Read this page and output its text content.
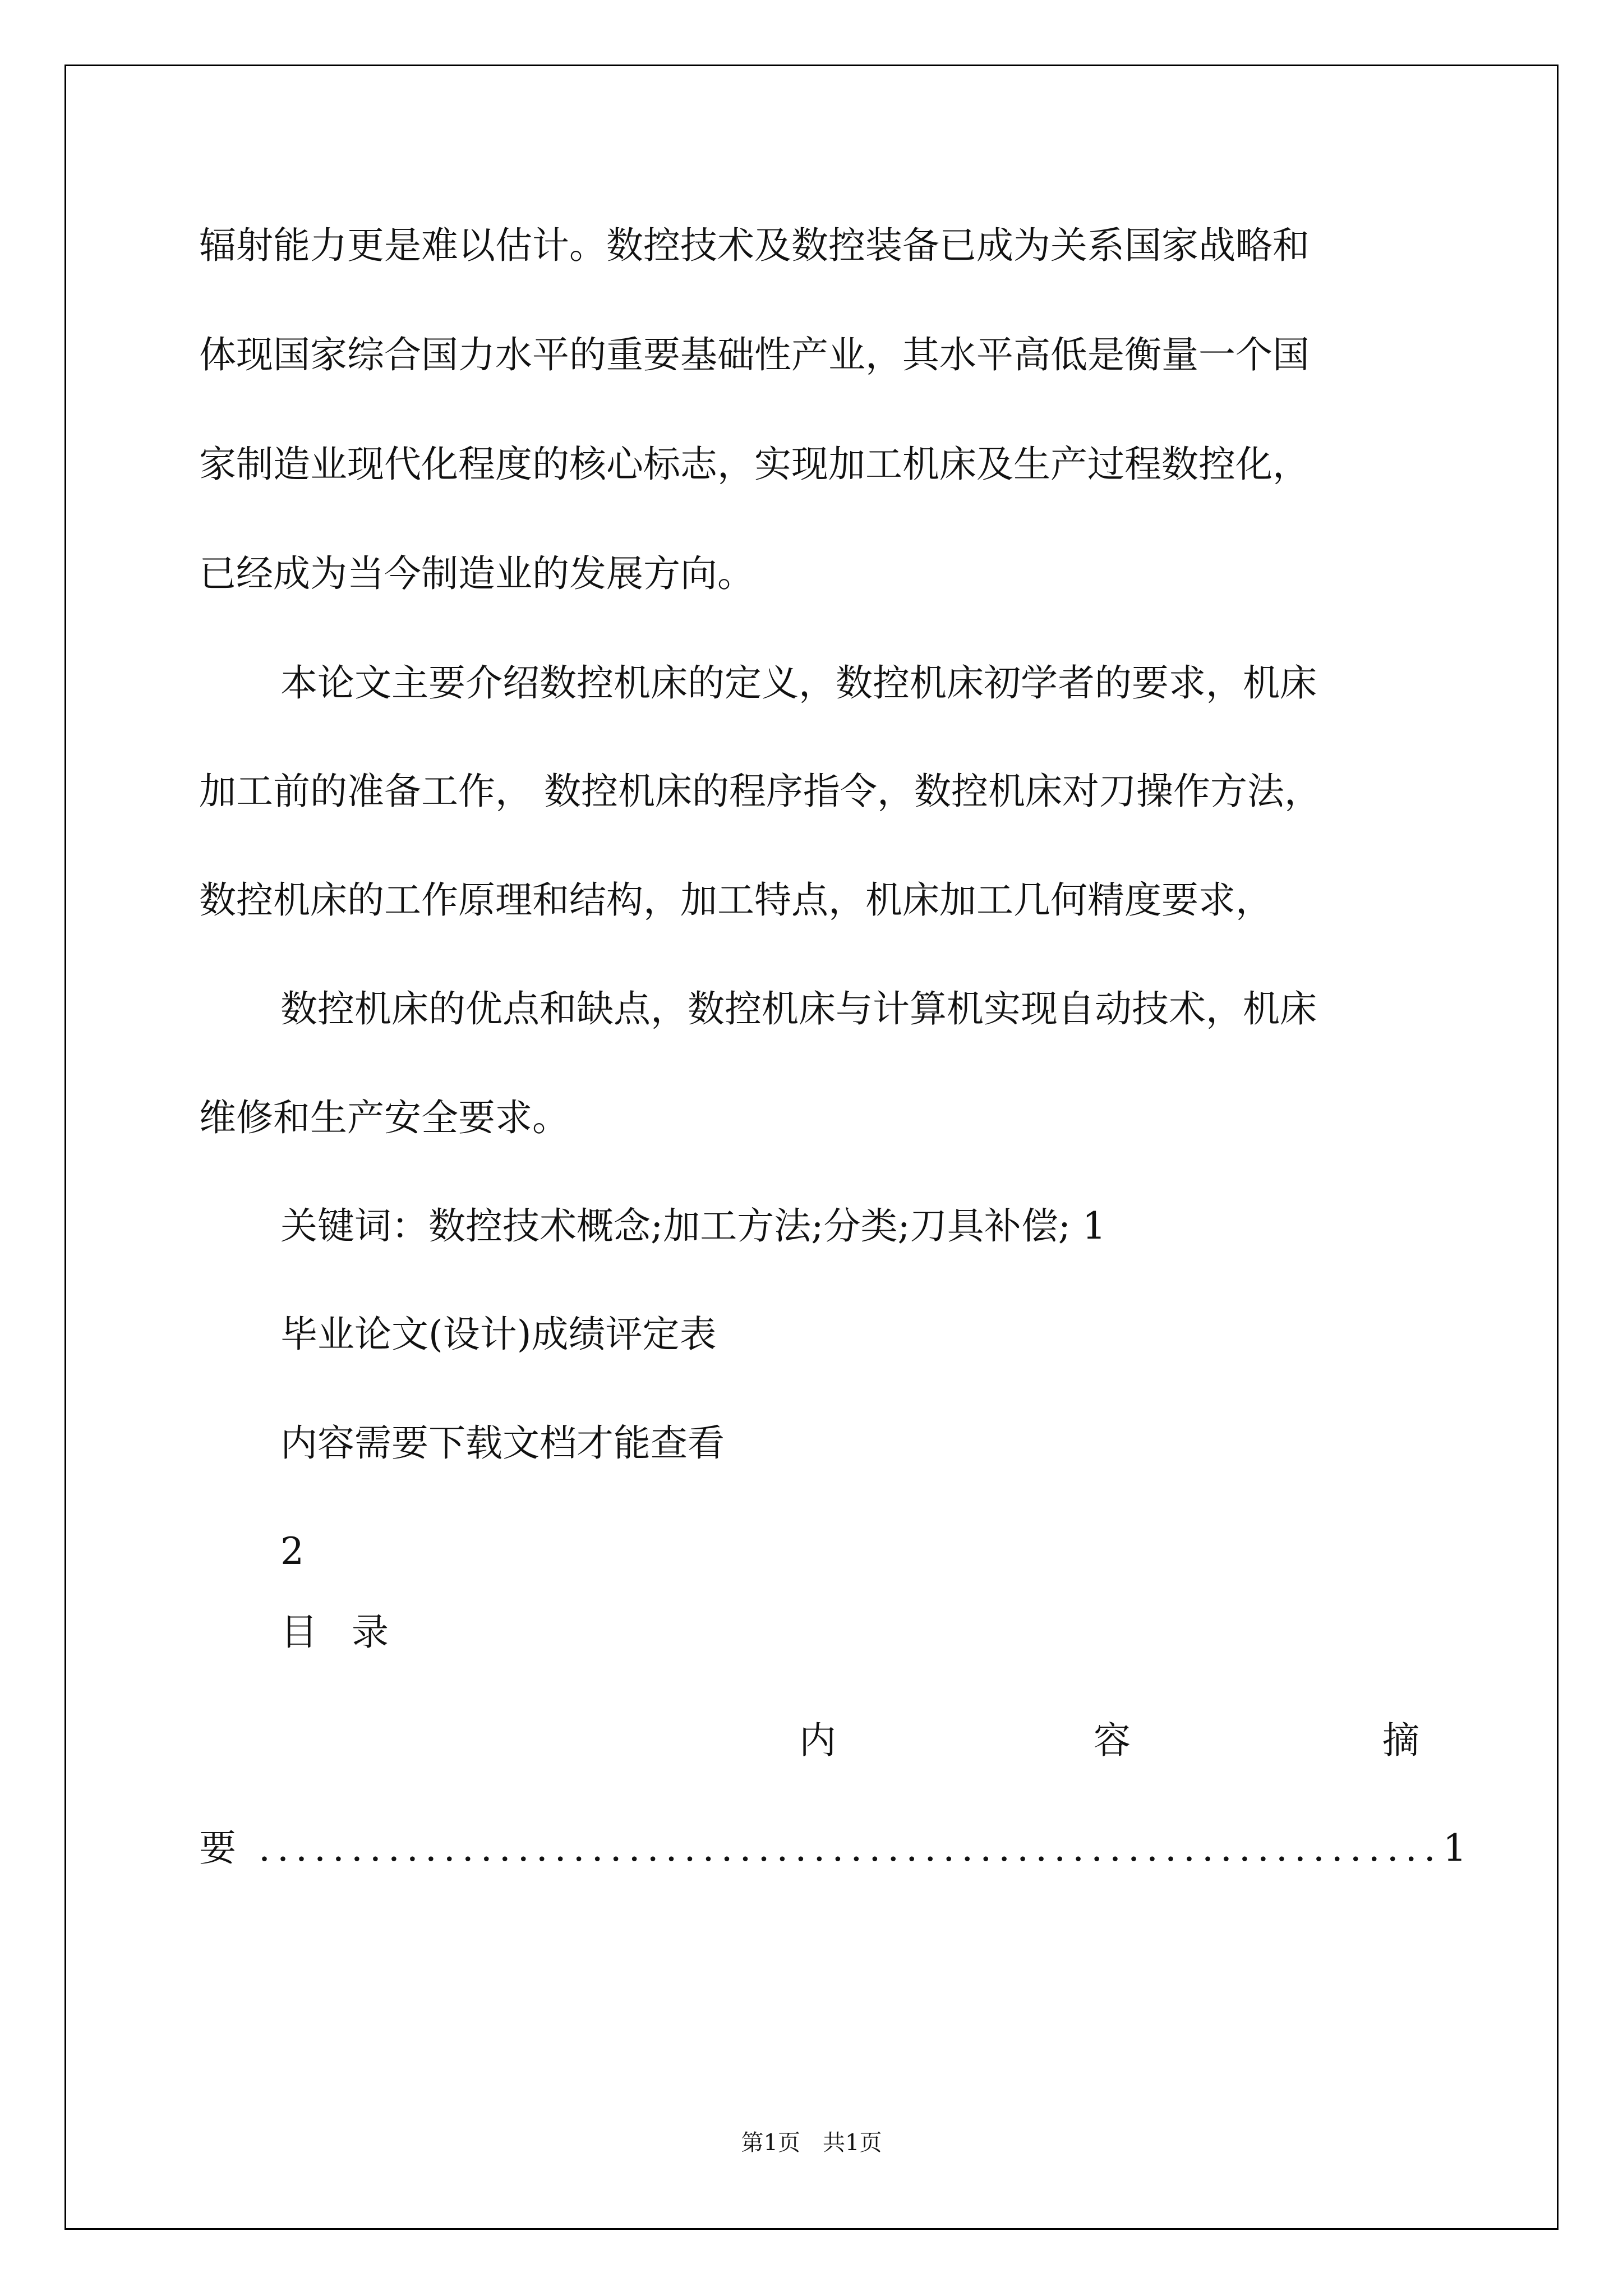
辐射能力更是难以估计。数控技术及数控装备已成为关系国家战略和
体现国家综合国力水平的重要基础性产业，其水平高低是衡量一个国
家制造业现代化程度的核心标志，实现加工机床及生产过程数控化，
已经成为当今制造业的发展方向。
本论文主要介绍数控机床的定义，数控机床初学者的要求，机床
加工前的准备工作， 数控机床的程序指令，数控机床对刀操作方法，
数控机床的工作原理和结构，加工特点，机床加工几何精度要求，
数控机床的优点和缺点，数控机床与计算机实现自动技术，机床
维修和生产安全要求。
关键词：数控技术概念;加工方法;分类;刀具补偿; 1
毕业论文(设计)成绩评定表
内容需要下载文档才能查看
2
目 录
内	容	摘
要
.....	1
第1页　共1页
